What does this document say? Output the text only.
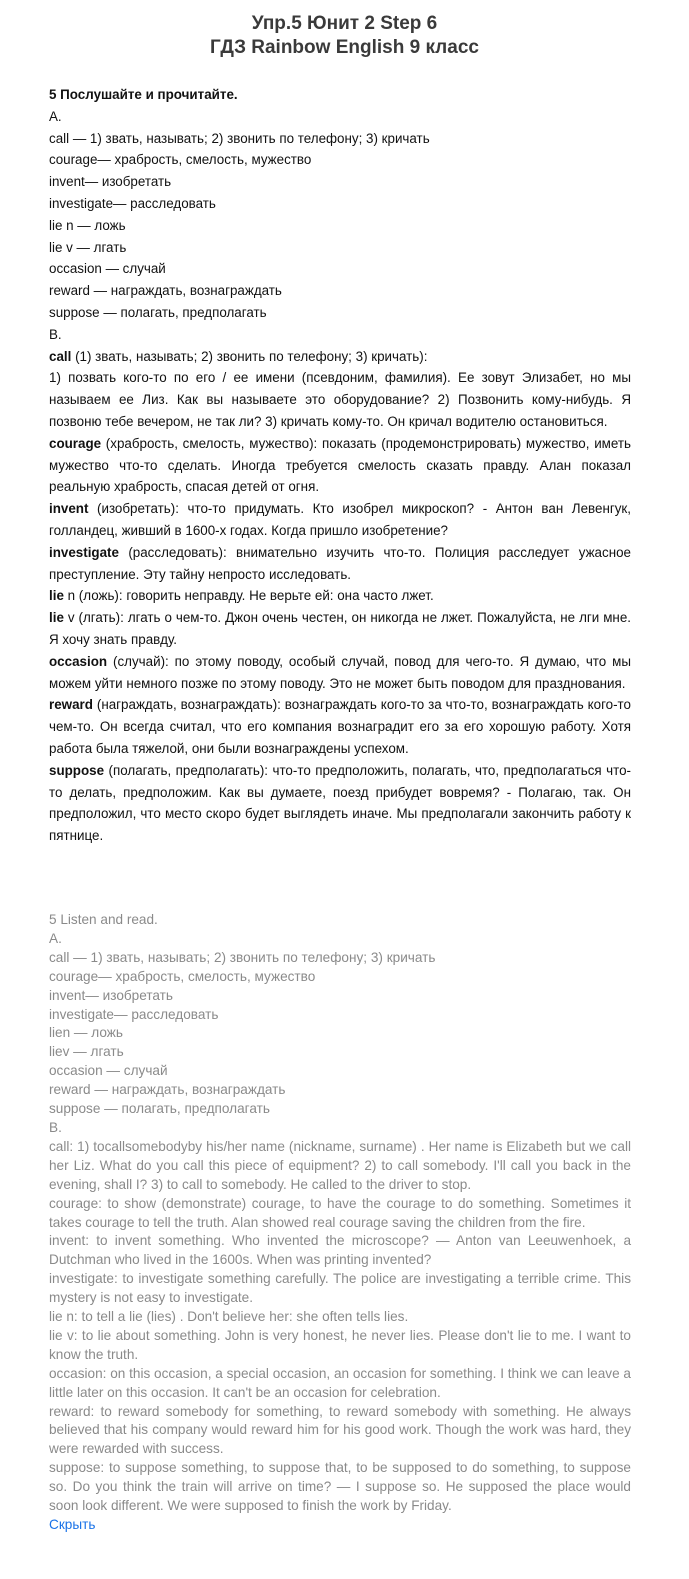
Упр.5 Юнит 2 Step 6
ГДЗ Rainbow English 9 класс
5 Послушайте и прочитайте.
A.
call — 1) звать, называть; 2) звонить по телефону; 3) кричать
courage— храбрость, смелость, мужество
invent— изобретать
investigate— расследовать
lie n — ложь
lie v — лгать
occasion — случай
reward — награждать, вознаграждать
suppose — полагать, предполагать
B.
call (1) звать, называть; 2) звонить по телефону; 3) кричать):
1) позвать кого-то по его / ее имени (псевдоним, фамилия). Ее зовут Элизабет, но мы называем ее Лиз. Как вы называете это оборудование? 2) Позвонить кому-нибудь. Я позвоню тебе вечером, не так ли? 3) кричать кому-то. Он кричал водителю остановиться.
courage (храбрость, смелость, мужество): показать (продемонстрировать) мужество, иметь мужество что-то сделать. Иногда требуется смелость сказать правду. Алан показал реальную храбрость, спасая детей от огня.
invent (изобретать): что-то придумать. Кто изобрел микроскоп? - Антон ван Левенгук, голландец, живший в 1600-х годах. Когда пришло изобретение?
investigate (расследовать): внимательно изучить что-то. Полиция расследует ужасное преступление. Эту тайну непросто исследовать.
lie n (ложь): говорить неправду. Не верьте ей: она часто лжет.
lie v (лгать): лгать о чем-то. Джон очень честен, он никогда не лжет. Пожалуйста, не лги мне. Я хочу знать правду.
occasion (случай): по этому поводу, особый случай, повод для чего-то. Я думаю, что мы можем уйти немного позже по этому поводу. Это не может быть поводом для празднования.
reward (награждать, вознаграждать): вознаграждать кого-то за что-то, вознаграждать кого-то чем-то. Он всегда считал, что его компания вознаградит его за его хорошую работу. Хотя работа была тяжелой, они были вознаграждены успехом.
suppose (полагать, предполагать): что-то предположить, полагать, что, предполагаться что-то делать, предположим. Как вы думаете, поезд прибудет вовремя? - Полагаю, так. Он предположил, что место скоро будет выглядеть иначе. Мы предполагали закончить работу к пятнице.
5 Listen and read.
A.
call — 1) звать, называть; 2) звонить по телефону; 3) кричать
courage— храбрость, смелость, мужество
invent— изобретать
investigate— расследовать
lien — ложь
liev — лгать
occasion — случай
reward — награждать, вознаграждать
suppose — полагать, предполагать
B.
call: 1) tocallsomebodyby his/her name (nickname, surname) . Her name is Elizabeth but we call her Liz. What do you call this piece of equipment? 2) to call somebody. I'll call you back in the evening, shall I? 3) to call to somebody. He called to the driver to stop.
courage: to show (demonstrate) courage, to have the courage to do something. Sometimes it takes courage to tell the truth. Alan showed real courage saving the children from the fire.
invent: to invent something. Who invented the microscope? — Anton van Leeuwenhoek, a Dutchman who lived in the 1600s. When was printing invented?
investigate: to investigate something carefully. The police are investigating a terrible crime. This mystery is not easy to investigate.
lie n: to tell a lie (lies) . Don't believe her: she often tells lies.
lie v: to lie about something. John is very honest, he never lies. Please don't lie to me. I want to know the truth.
occasion: on this occasion, a special occasion, an occasion for something. I think we can leave a little later on this occasion. It can't be an occasion for celebration.
reward: to reward somebody for something, to reward somebody with something. He always believed that his company would reward him for his good work. Though the work was hard, they were rewarded with success.
suppose: to suppose something, to suppose that, to be supposed to do something, to suppose so. Do you think the train will arrive on time? — I suppose so. He supposed the place would soon look different. We were supposed to finish the work by Friday.
Скрыть
